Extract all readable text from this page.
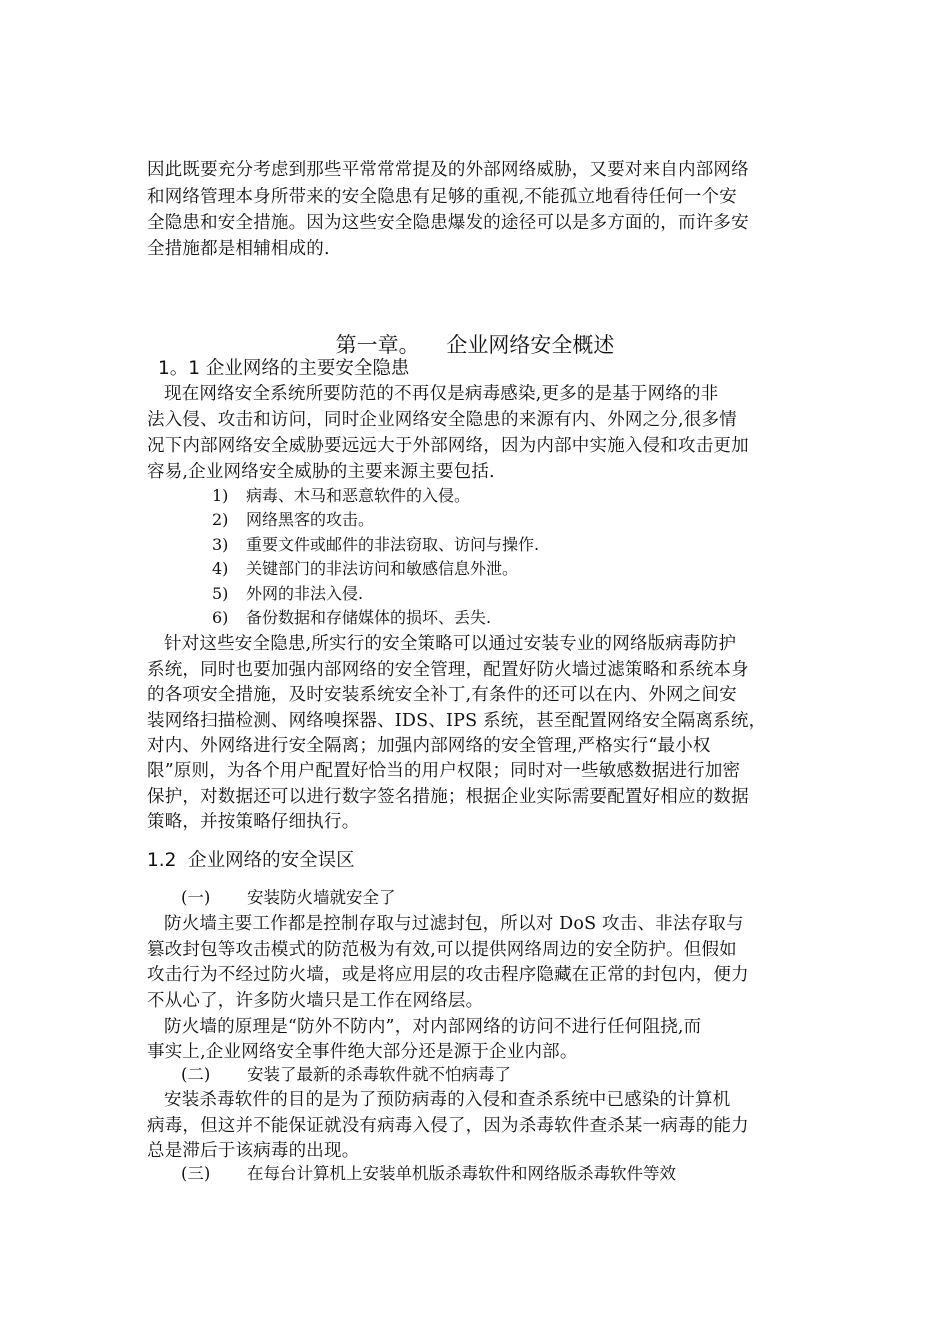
因此既要充分考虑到那些平常常常提及的外部网络威胁，又要对来自内部网络
和网络管理本身所带来的安全隐患有足够的重视,不能孤立地看待任何一个安
全隐患和安全措施。因为这些安全隐患爆发的途径可以是多方面的，而许多安
全措施都是相辅相成的.
第一章。    企业网络安全概述
1。1 企业网络的主要安全隐患
现在网络安全系统所要防范的不再仅是病毒感染,更多的是基于网络的非
法入侵、攻击和访问，同时企业网络安全隐患的来源有内、外网之分,很多情
况下内部网络安全威胁要远远大于外部网络，因为内部中实施入侵和攻击更加
容易,企业网络安全威胁的主要来源主要包括.
1) 病毒、木马和恶意软件的入侵。
2) 网络黑客的攻击。
3) 重要文件或邮件的非法窃取、访问与操作.
4) 关键部门的非法访问和敏感信息外泄。
5) 外网的非法入侵.
6) 备份数据和存储媒体的损坏、丢失.
针对这些安全隐患,所实行的安全策略可以通过安装专业的网络版病毒防护
系统，同时也要加强内部网络的安全管理，配置好防火墙过滤策略和系统本身
的各项安全措施，及时安装系统安全补丁,有条件的还可以在内、外网之间安
装网络扫描检测、网络嗅探器、IDS、IPS 系统，甚至配置网络安全隔离系统，
对内、外网络进行安全隔离；加强内部网络的安全管理,严格实行“最小权
限”原则，为各个用户配置好恰当的用户权限；同时对一些敏感数据进行加密
保护，对数据还可以进行数字签名措施；根据企业实际需要配置好相应的数据
策略，并按策略仔细执行。
1.2  企业网络的安全误区
(一) 安装防火墙就安全了
防火墙主要工作都是控制存取与过滤封包，所以对 DoS 攻击、非法存取与
篡改封包等攻击模式的防范极为有效,可以提供网络周边的安全防护。但假如
攻击行为不经过防火墙，或是将应用层的攻击程序隐藏在正常的封包内，便力
不从心了，许多防火墙只是工作在网络层。
防火墙的原理是“防外不防内”，对内部网络的访问不进行任何阻挠,而
事实上,企业网络安全事件绝大部分还是源于企业内部。
(二) 安装了最新的杀毒软件就不怕病毒了
安装杀毒软件的目的是为了预防病毒的入侵和查杀系统中已感染的计算机
病毒，但这并不能保证就没有病毒入侵了，因为杀毒软件查杀某一病毒的能力
总是滞后于该病毒的出现。
(三) 在每台计算机上安装单机版杀毒软件和网络版杀毒软件等效
